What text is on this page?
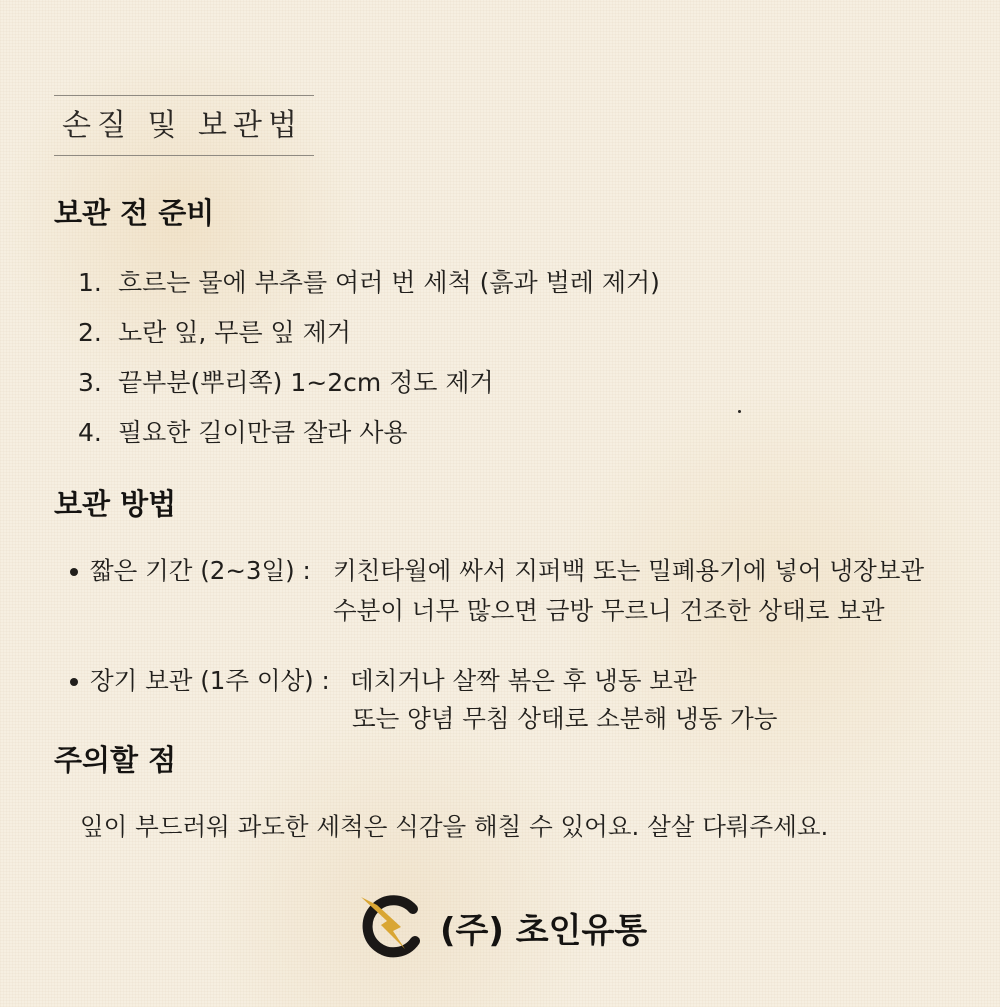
손질 및 보관법
보관 전 준비
1. 흐르는 물에 부추를 여러 번 세척 (흙과 벌레 제거)
2. 노란 잎, 무른 잎 제거
3. 끝부분(뿌리쪽) 1~2cm 정도 제거
4. 필요한 길이만큼 잘라 사용
보관 방법
짧은 기간 (2~3일) : 키친타월에 싸서 지퍼백 또는 밀폐용기에 넣어 냉장보관
수분이 너무 많으면 금방 무르니 건조한 상태로 보관
장기 보관 (1주 이상) : 데치거나 살짝 볶은 후 냉동 보관
또는 양념 무침 상태로 소분해 냉동 가능
주의할 점
잎이 부드러워 과도한 세척은 식감을 해칠 수 있어요. 살살 다뤄주세요.
(주) 초인유통
